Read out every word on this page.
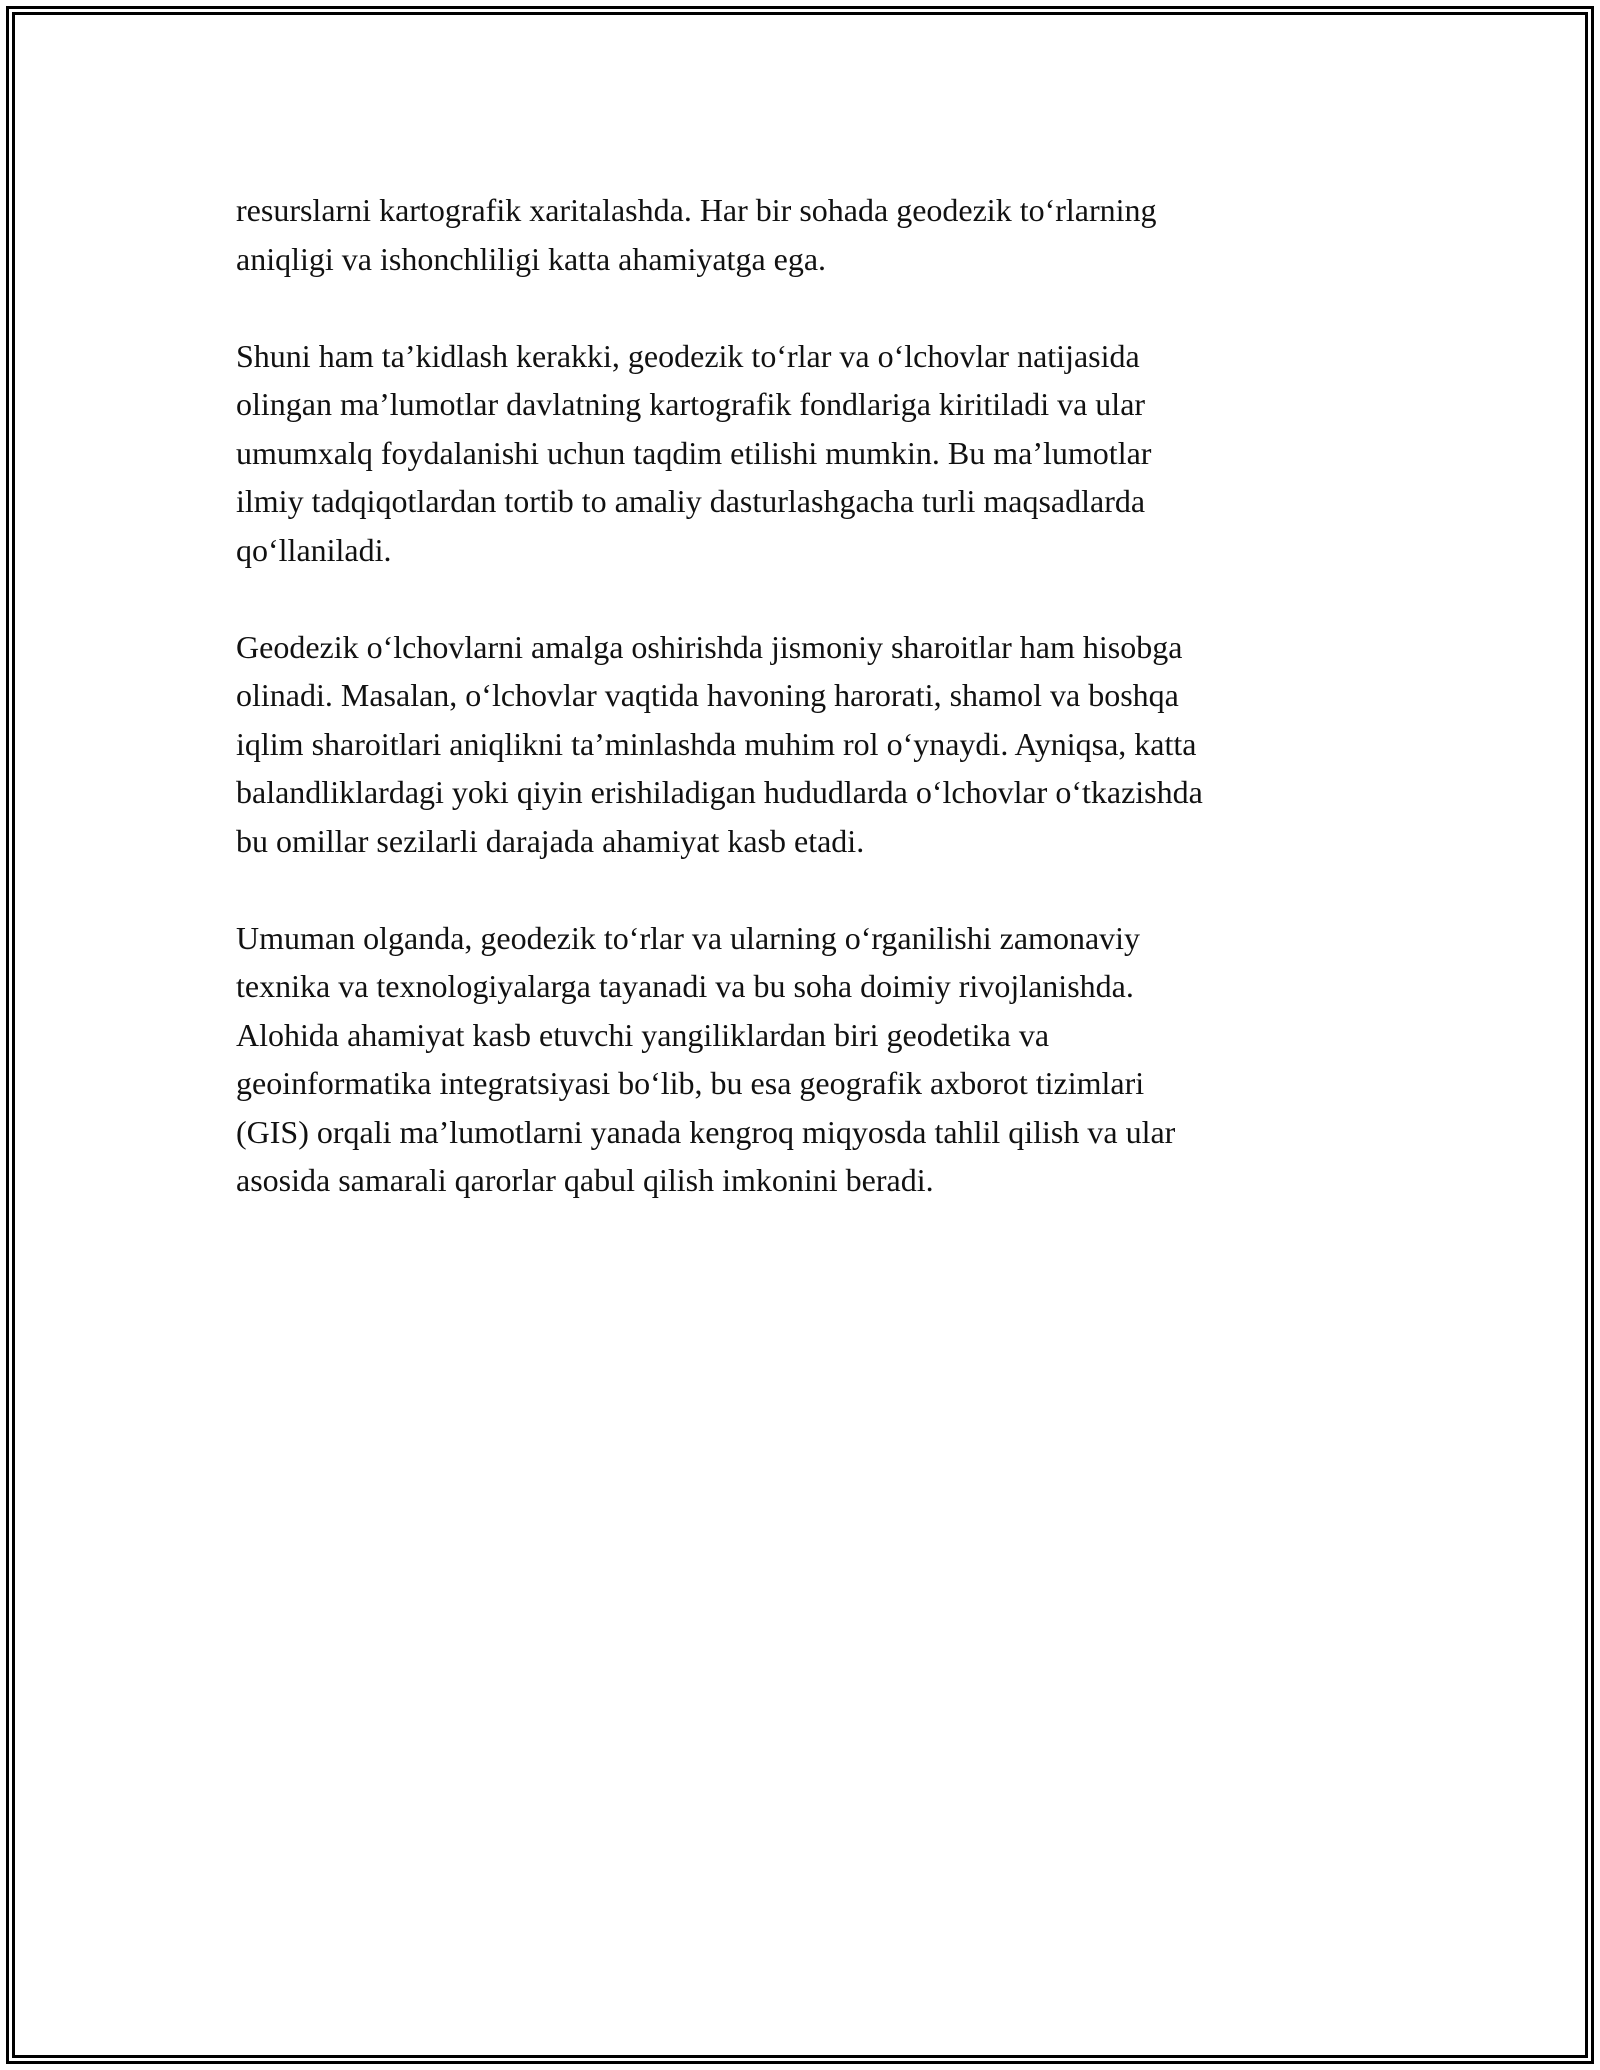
resurslarni kartografik xaritalashda. Har bir sohada geodezik to‘rlarning
aniqligi va ishonchliligi katta ahamiyatga ega.

Shuni ham ta’kidlash kerakki, geodezik to‘rlar va o‘lchovlar natijasida
olingan ma’lumotlar davlatning kartografik fondlariga kiritiladi va ular
umumxalq foydalanishi uchun taqdim etilishi mumkin. Bu ma’lumotlar
ilmiy tadqiqotlardan tortib to amaliy dasturlashgacha turli maqsadlarda
qo‘llaniladi.

Geodezik o‘lchovlarni amalga oshirishda jismoniy sharoitlar ham hisobga
olinadi. Masalan, o‘lchovlar vaqtida havoning harorati, shamol va boshqa
iqlim sharoitlari aniqlikni ta’minlashda muhim rol o‘ynaydi. Ayniqsa, katta
balandliklardagi yoki qiyin erishiladigan hududlarda o‘lchovlar o‘tkazishda
bu omillar sezilarli darajada ahamiyat kasb etadi.

Umuman olganda, geodezik to‘rlar va ularning o‘rganilishi zamonaviy
texnika va texnologiyalarga tayanadi va bu soha doimiy rivojlanishda.
Alohida ahamiyat kasb etuvchi yangiliklardan biri geodetika va
geoinformatika integratsiyasi bo‘lib, bu esa geografik axborot tizimlari
(GIS) orqali ma’lumotlarni yanada kengroq miqyosda tahlil qilish va ular
asosida samarali qarorlar qabul qilish imkonini beradi.
